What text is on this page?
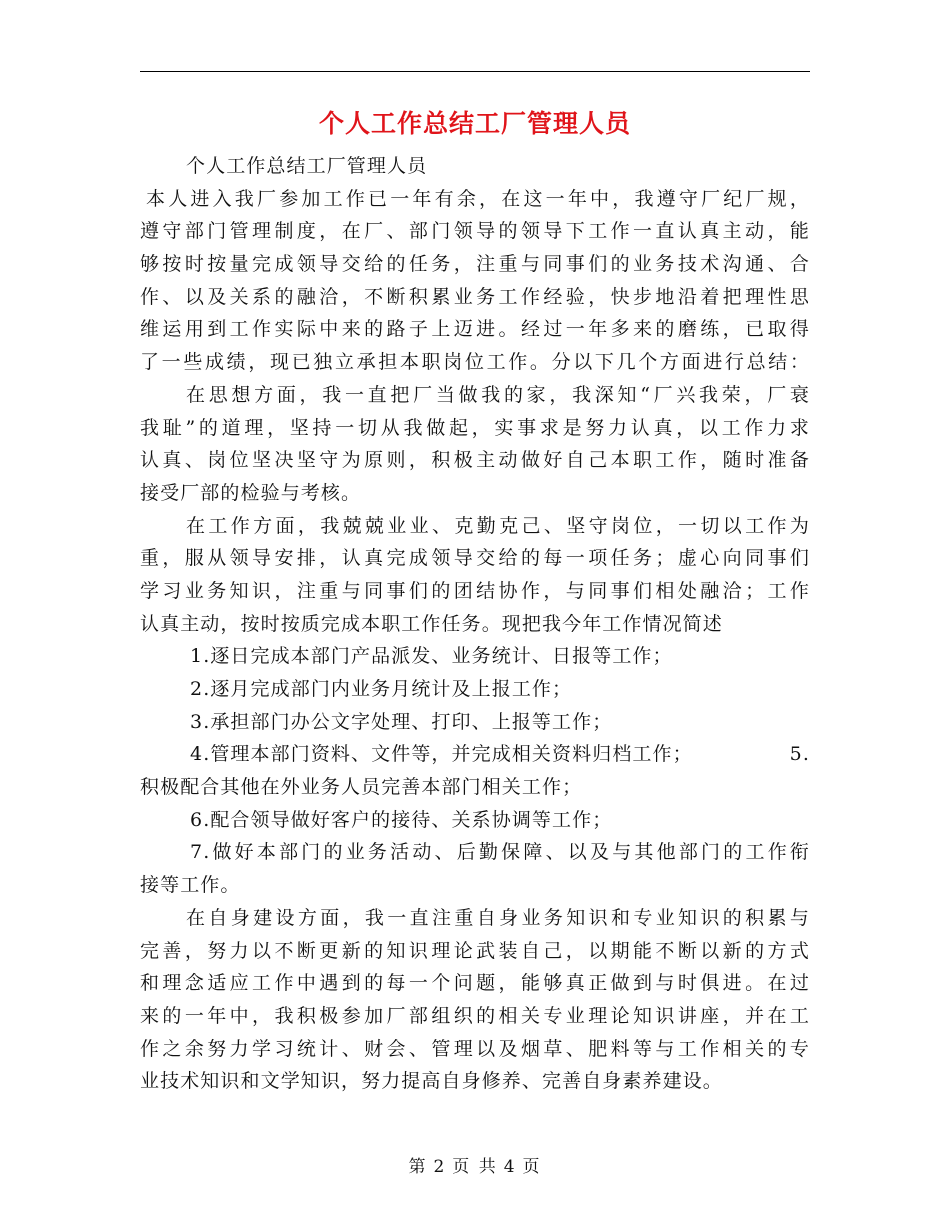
个人工作总结工厂管理人员
个人工作总结工厂管理人员
本人进入我厂参加工作已一年有余，在这一年中，我遵守厂纪厂规，
遵守部门管理制度，在厂、部门领导的领导下工作一直认真主动，能
够按时按量完成领导交给的任务，注重与同事们的业务技术沟通、合
作、以及关系的融洽，不断积累业务工作经验，快步地沿着把理性思
维运用到工作实际中来的路子上迈进。经过一年多来的磨练，已取得
了一些成绩，现已独立承担本职岗位工作。分以下几个方面进行总结：
在思想方面，我一直把厂当做我的家，我深知“厂兴我荣，厂衰
我耻”的道理，坚持一切从我做起，实事求是努力认真，以工作力求
认真、岗位坚决坚守为原则，积极主动做好自己本职工作，随时准备
接受厂部的检验与考核。
在工作方面，我兢兢业业、克勤克己、坚守岗位，一切以工作为
重，服从领导安排，认真完成领导交给的每一项任务；虚心向同事们
学习业务知识，注重与同事们的团结协作，与同事们相处融洽；工作
认真主动，按时按质完成本职工作任务。现把我今年工作情况简述
1.逐日完成本部门产品派发、业务统计、日报等工作；
2.逐月完成部门内业务月统计及上报工作；
3.承担部门办公文字处理、打印、上报等工作；
4.管理本部门资料、文件等，并完成相关资料归档工作；	5.
积极配合其他在外业务人员完善本部门相关工作；
6.配合领导做好客户的接待、关系协调等工作；
7.做好本部门的业务活动、后勤保障、以及与其他部门的工作衔
接等工作。
在自身建设方面，我一直注重自身业务知识和专业知识的积累与
完善，努力以不断更新的知识理论武装自己，以期能不断以新的方式
和理念适应工作中遇到的每一个问题，能够真正做到与时俱进。在过
来的一年中，我积极参加厂部组织的相关专业理论知识讲座，并在工
作之余努力学习统计、财会、管理以及烟草、肥料等与工作相关的专
业技术知识和文学知识，努力提高自身修养、完善自身素养建设。
第 2 页 共 4 页
